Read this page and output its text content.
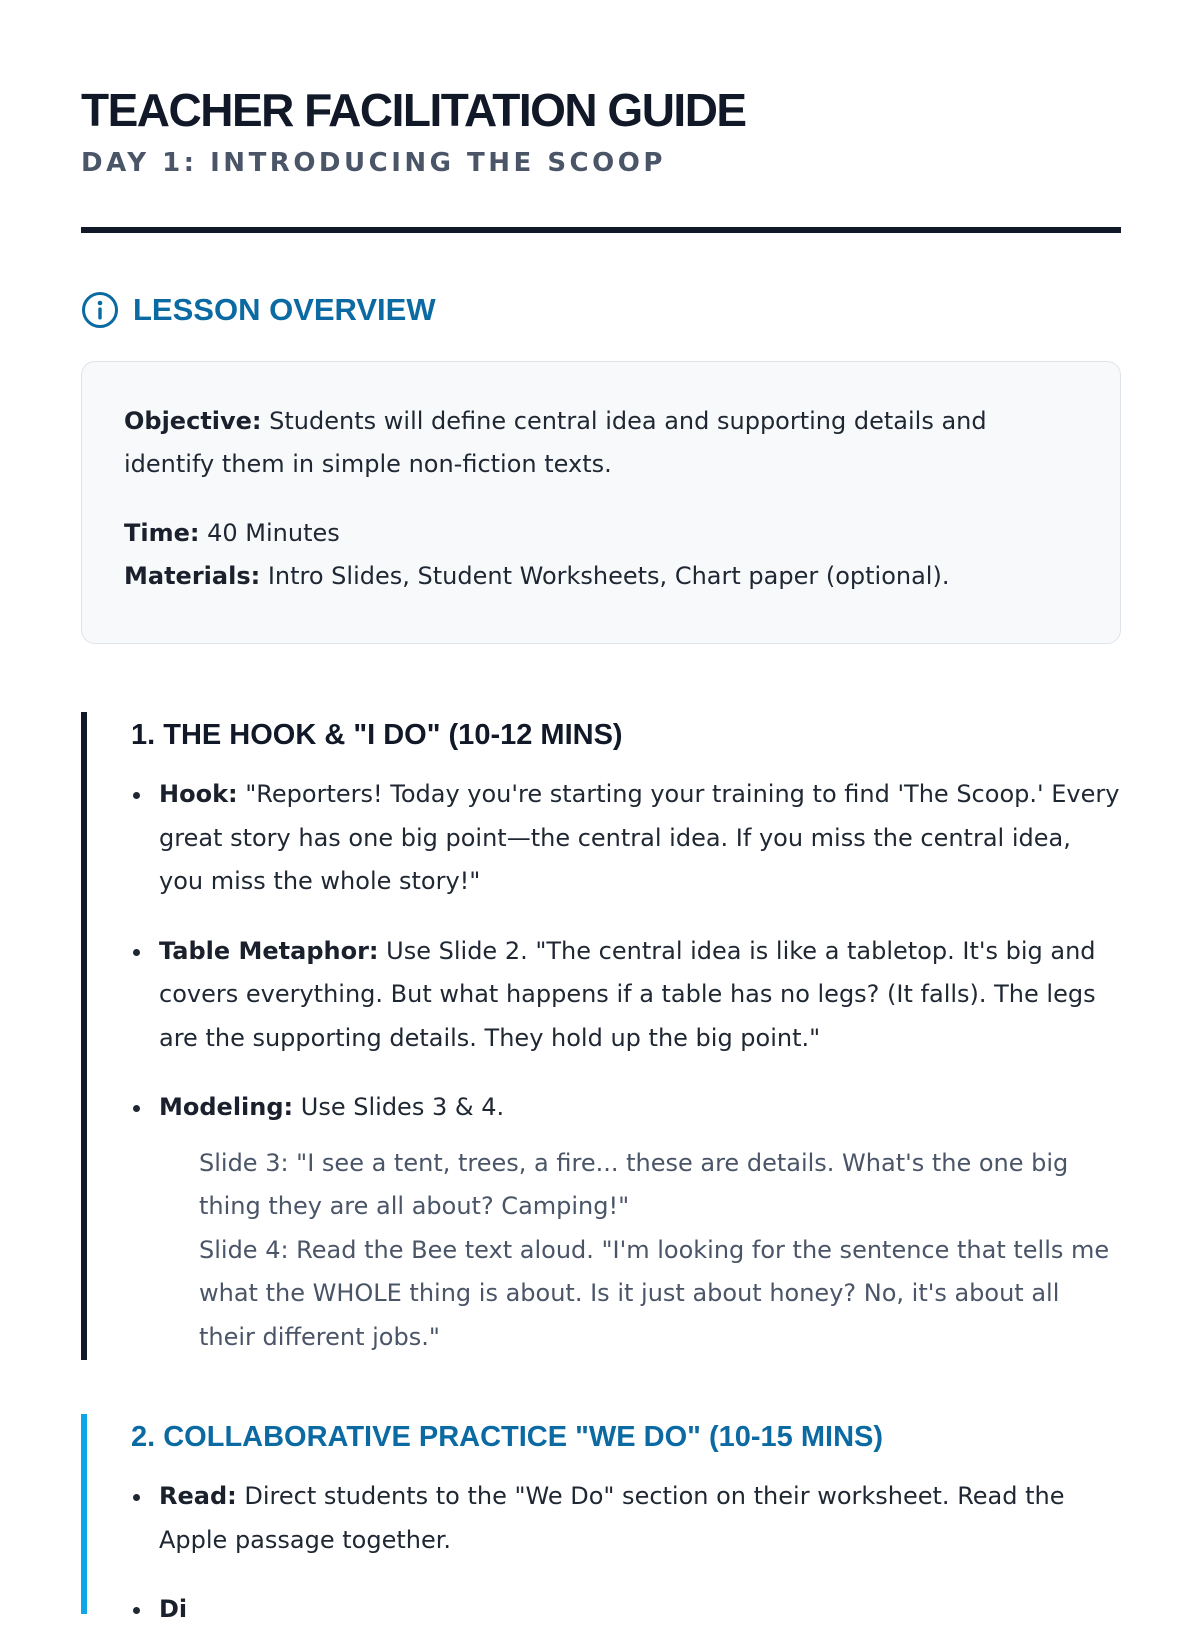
TEACHER FACILITATION GUIDE
DAY 1: INTRODUCING THE SCOOP
LESSON OVERVIEW

Objective: Students will define central idea and supporting details and identify them in simple non-fiction texts.

Time: 40 Minutes

Materials: Intro Slides, Student Worksheets, Chart paper (optional).

1. THE HOOK & "I DO" (10-12 MINS)
Hook: "Reporters! Today you're starting your training to find 'The Scoop.' Every great story has one big point—the central idea. If you miss the central idea, you miss the whole story!"
Table Metaphor: Use Slide 2. "The central idea is like a tabletop. It's big and covers everything. But what happens if a table has no legs? (It falls). The legs are the supporting details. They hold up the big point."
Modeling: Use Slides 3 & 4.

Slide 3: "I see a tent, trees, a fire... these are details. What's the one big thing they are all about? Camping!"

Slide 4: Read the Bee text aloud. "I'm looking for the sentence that tells me what the WHOLE thing is about. Is it just about honey? No, it's about all their different jobs."

2. COLLABORATIVE PRACTICE "WE DO" (10-15 MINS)
Read: Direct students to the "We Do" section on their worksheet. Read the Apple passage together.
Di
